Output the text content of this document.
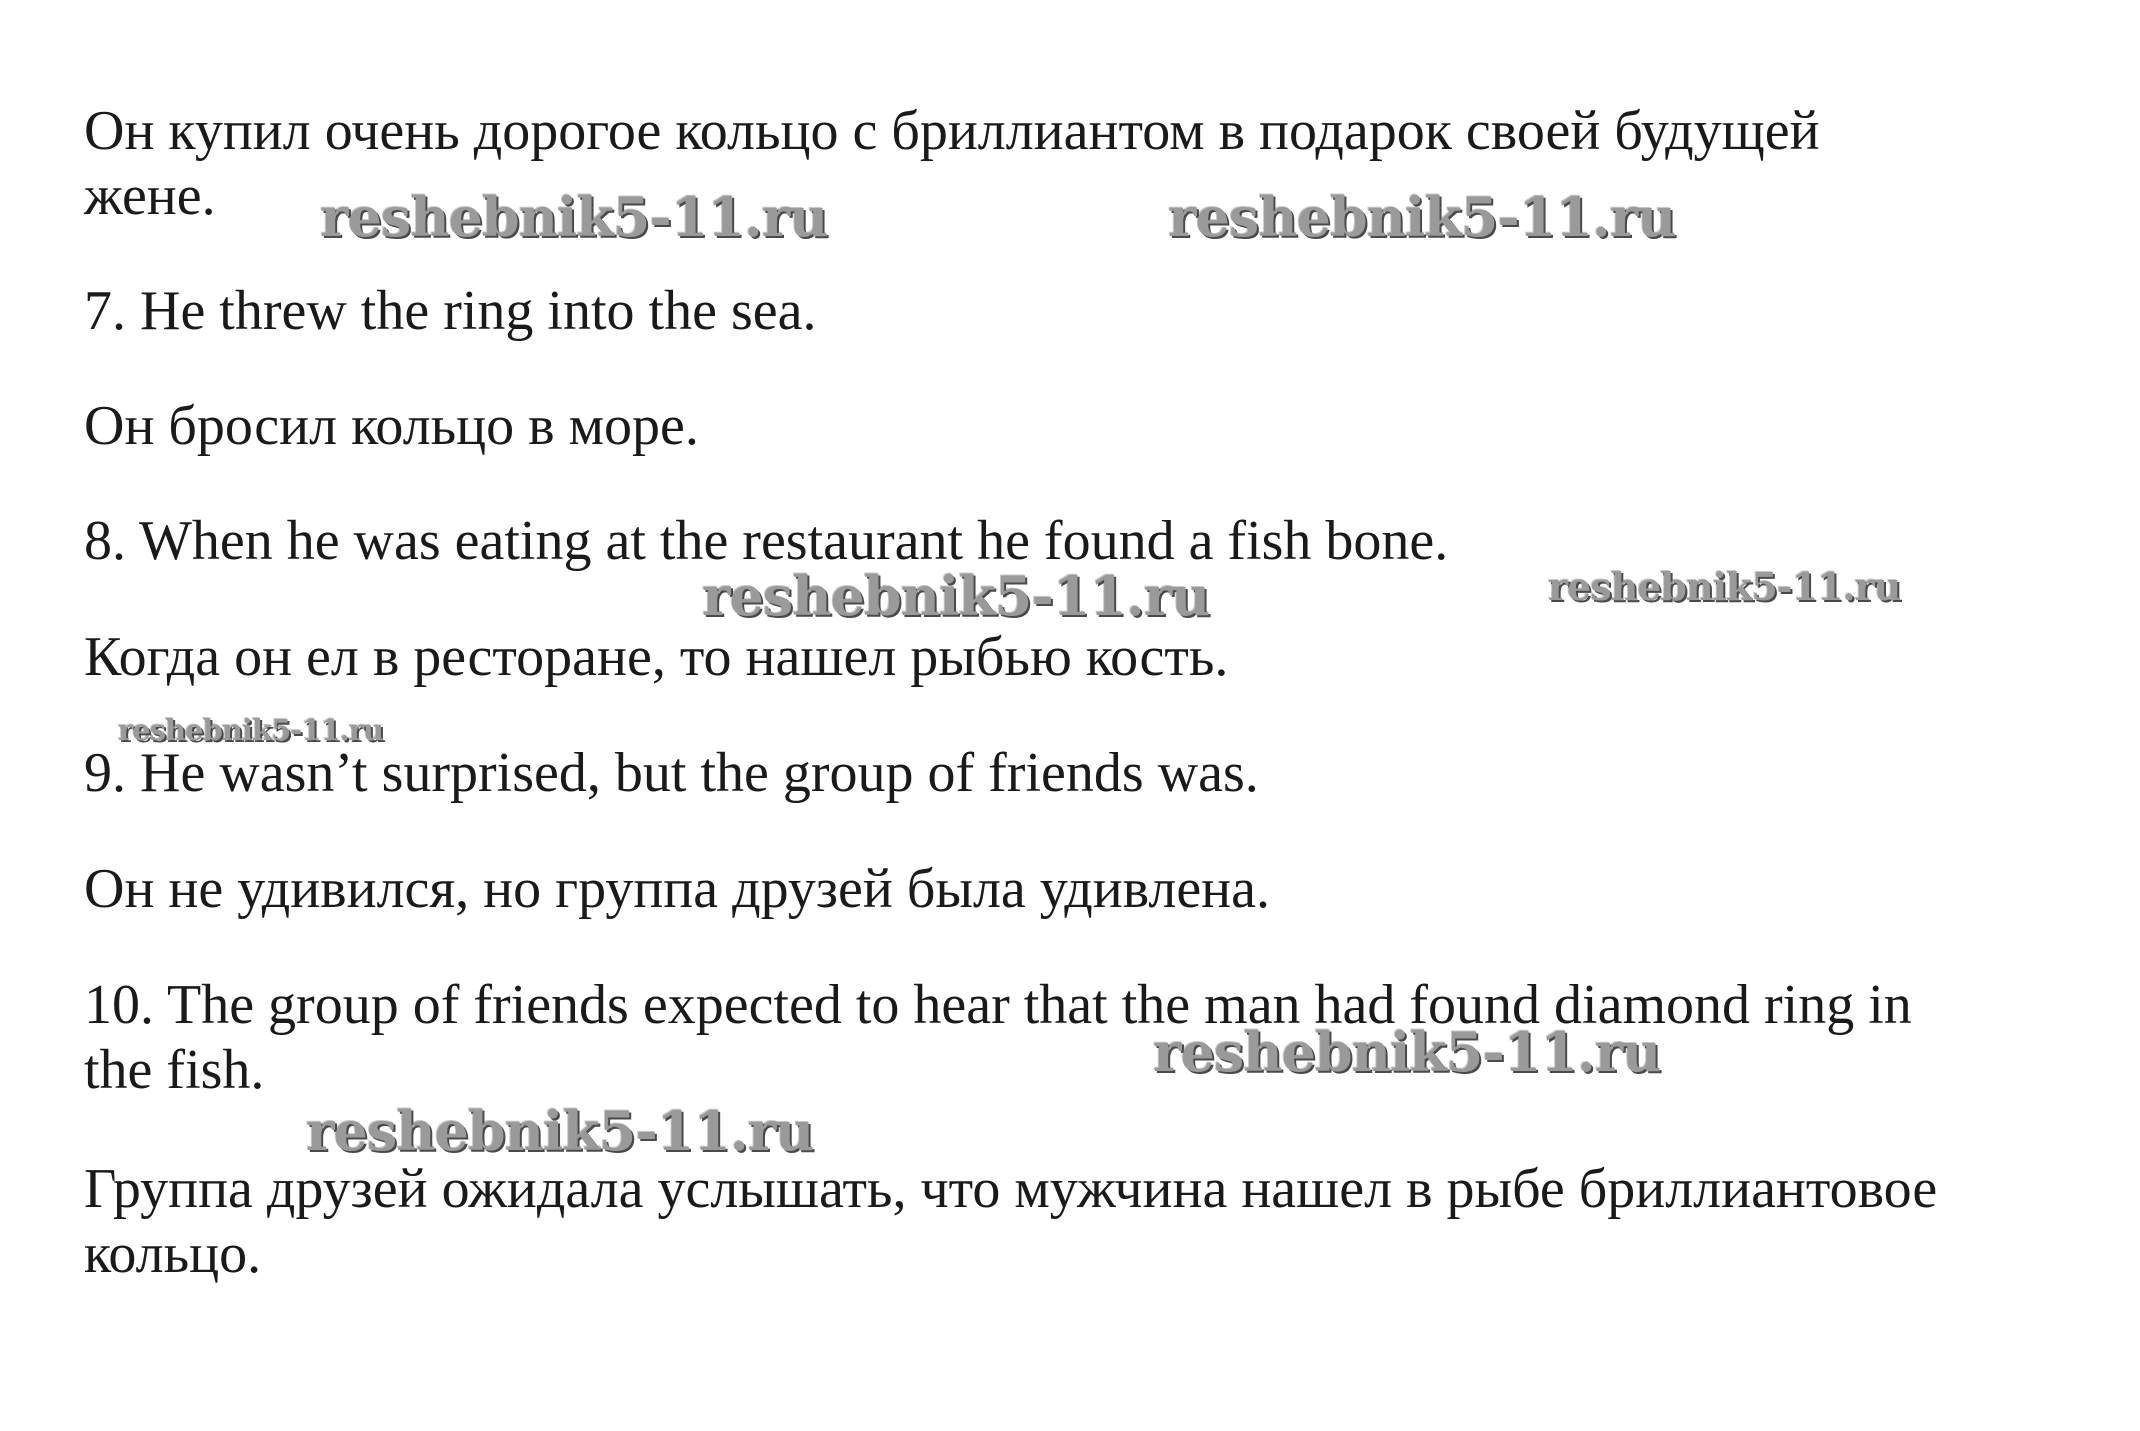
Он купил очень дорогое кольцо с бриллиантом в подарок своей будущей

жене.

7. He threw the ring into the sea.

Он бросил кольцо в море.

8. When he was eating at the restaurant he found a fish bone.

Когда он ел в ресторане, то нашел рыбью кость.

9. He wasn’t surprised, but the group of friends was.

Он не удивился, но группа друзей была удивлена.

10. The group of friends expected to hear that the man had found diamond ring in

the fish.

Группа друзей ожидала услышать, что мужчина нашел в рыбе бриллиантовое

кольцо.

reshebnik5-11.ru	reshebnik5-11.ru
reshebnik5-11.ru	reshebnik5-11.ru
reshebnik5-11.ru
reshebnik5-11.ru
reshebnik5-11.ru
